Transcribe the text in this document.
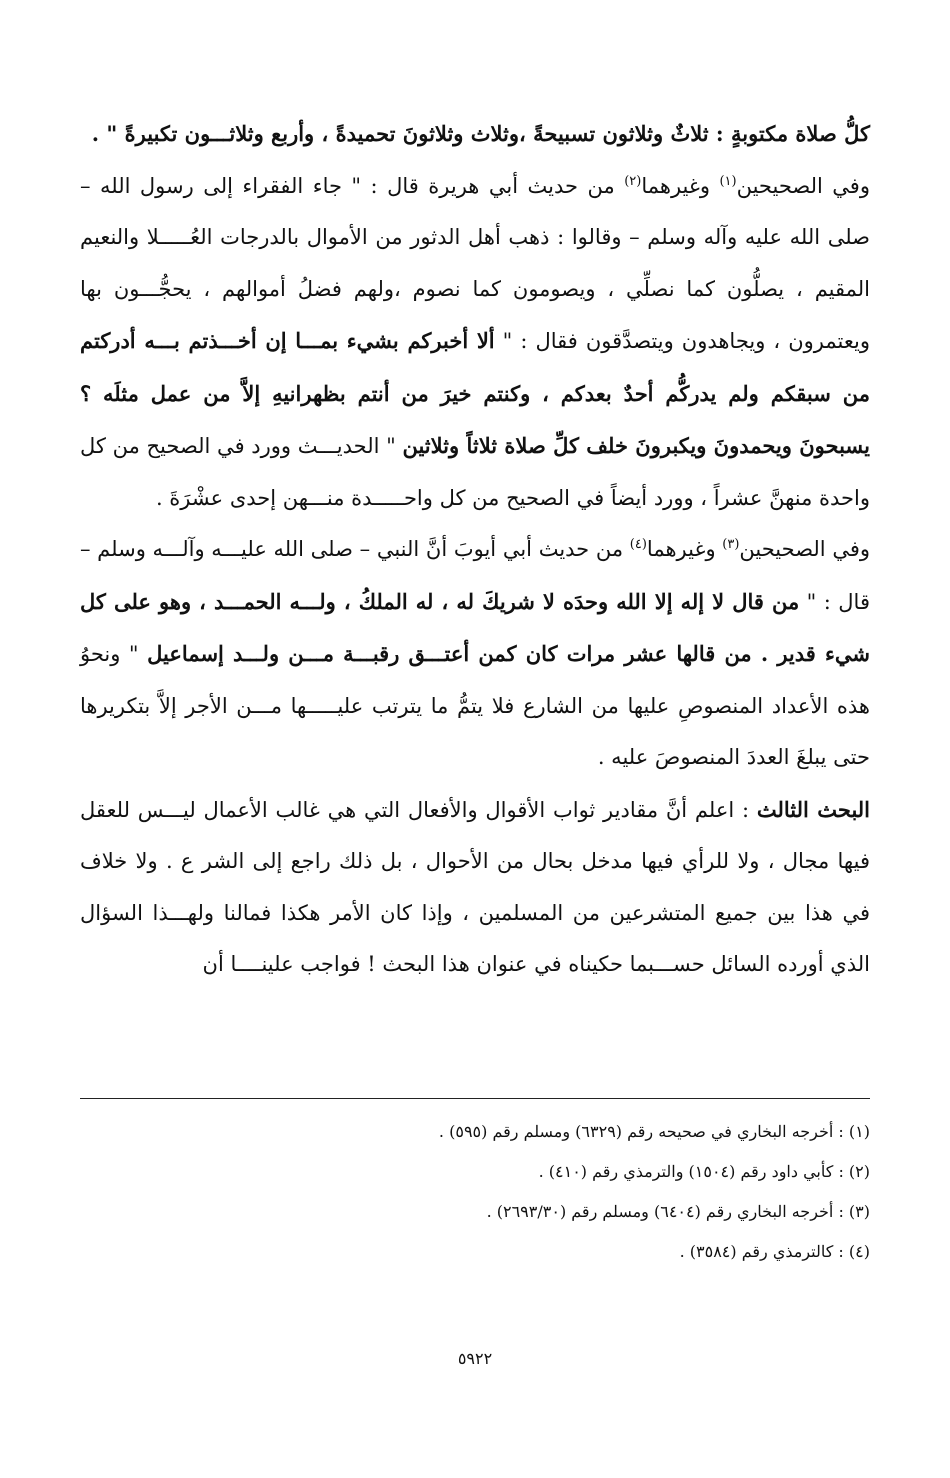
كلُّ صلاة مكتوبةٍ : ثلاثٌ وثلاثون تسبيحةً ،وثلاث وثلاثونَ تحميدةً ، وأربع وثلاثـــون تكبيرةً " .

وفي الصحيحين$^{(١)}$ وغيرهما$^{(٢)}$ من حديث أبي هريرة قال : " جاء الفقراء إلى رسول الله – صلى الله عليه وآله وسلم – وقالوا : ذهب أهل الدثور من الأموال بالدرجات العُـــــلا والنعيم المقيم ، يصلُّون كما نصلِّي ، ويصومون كما نصوم ،ولهم فضلُ أموالهم ، يحجُّـــون بها ويعتمرون ، ويجاهدون ويتصدَّقون فقال : " ألا أخبركم بشيء بمـــا إن أخـــذتم بـــه أدركتم من سبقكم ولم يدركُّم أحدٌ بعدكم ، وكنتم خيرَ من أنتم بظهرانيهِ إلاَّ من عمل مثلَه ؟ يسبحونَ ويحمدونَ ويكبرونَ خلف كلِّ صلاة ثلاثاً وثلاثين " الحديـــث وورد في الصحيح من كل واحدة منهنَّ عشراً ، وورد أيضاً في الصحيح من كل واحـــــدة منـــهن إحدى عشْرَةَ .

وفي الصحيحين$^{(٣)}$ وغيرهما$^{(٤)}$ من حديث أبي أيوبَ أنَّ النبي – صلى الله عليـــه وآلـــه وسلم – قال : " من قال لا إله إلا الله وحدَه لا شريكَ له ، له الملكُ ، ولـــه الحمـــد ، وهو على كل شيء قدير . من قالها عشر مرات كان كمن أعتـــق رقبـــة مـــن ولـــد إسماعيل " ونحوُ هذه الأعداد المنصوصِ عليها من الشارع فلا يتمُّ ما يترتب عليـــــها مـــن الأجر إلاَّ بتكريرها حتى يبلغَ العددَ المنصوصَ عليه .

البحث الثالث : اعلم أنَّ مقادير ثواب الأقوال والأفعال التي هي غالب الأعمال ليـــس للعقل فيها مجال ، ولا للرأي فيها مدخل بحال من الأحوال ، بل ذلك راجع إلى الشر ع . ولا خلاف في هذا بين جميع المتشرعين من المسلمين ، وإذا كان الأمر هكذا فمالنا ولهـــذا السؤال الذي أورده السائل حســـبما حكيناه في عنوان هذا البحث ! فواجب علينــــا أن

(١) : أخرجه البخاري في صحيحه رقم (٦٣٢٩) ومسلم رقم (٥٩٥) .

(٢) : كأبي داود رقم (١٥٠٤) والترمذي رقم (٤١٠) .

(٣) : أخرجه البخاري رقم (٦٤٠٤) ومسلم رقم (٢٦٩٣/٣٠) .

(٤) : كالترمذي رقم (٣٥٨٤) .

٥٩٢٢
